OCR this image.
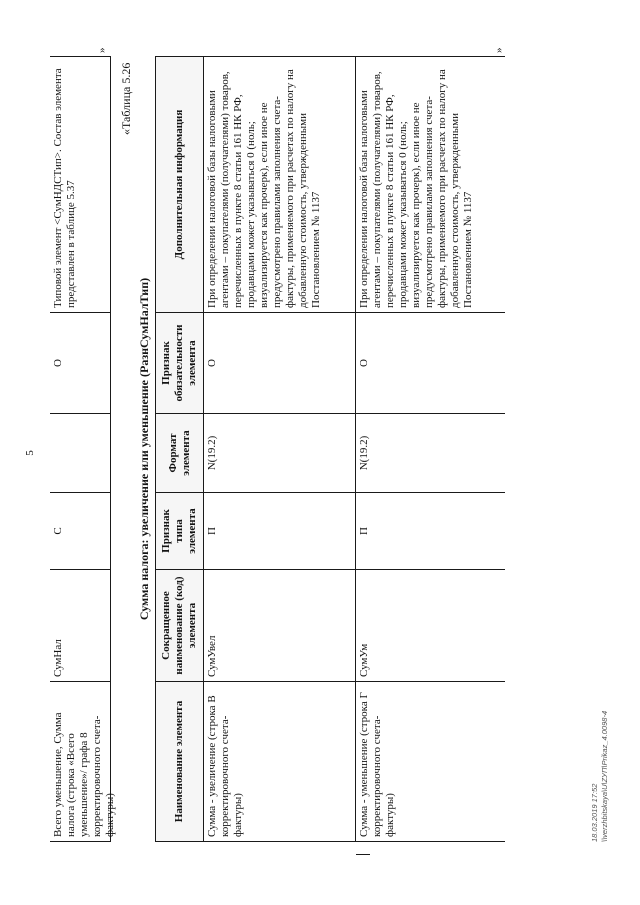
5
Всего уменьшение, Сумма налога (строка «Всего уменьшение»/ графа 8 корректировочного счета-фактуры)
СумНал
С
О
Типовой элемент <СумНДСТип>. Состав элемента представлен в таблице 5.37
»
«Таблица 5.26
Сумма налога: увеличение или уменьшение (РазнСумНалТип)
Наименование элемента
Сокращенное наименование (код) элемента
Признак типа элемента
Формат элемента
Признак обязательности элемента
Дополнительная информация
Сумма - увеличение (строка В корректировочного счета-фактуры)
СумУвел
П
N(19.2)
О
При определении налоговой базы налоговыми агентами – покупателями (получателями) товаров, перечисленных в пункте 8 статьи 161 НК РФ, продавцами может указываться 0 (ноль; визуализируется как прочерк), если иное не предусмотрено правилами заполнения счета-фактуры, применяемого при расчетах по налогу на добавленную стоимость, утвержденными Постановлением № 1137
Сумма - уменьшение (строка Г корректировочного счета-фактуры)
СумУм
П
N(19.2)
О
При определении налоговой базы налоговыми агентами – покупателями (получателями) товаров, перечисленных в пункте 8 статьи 161 НК РФ, продавцами может указываться 0 (ноль; визуализируется как прочерк), если иное не предусмотрено правилами заполнения счета-фактуры, применяемого при расчетах по налогу на добавленную стоимость, утвержденными Постановлением № 1137
»
18.03.2019 17:52 \\verzhbitskaya\U\ZУП\Prikaz_4.0098-4
